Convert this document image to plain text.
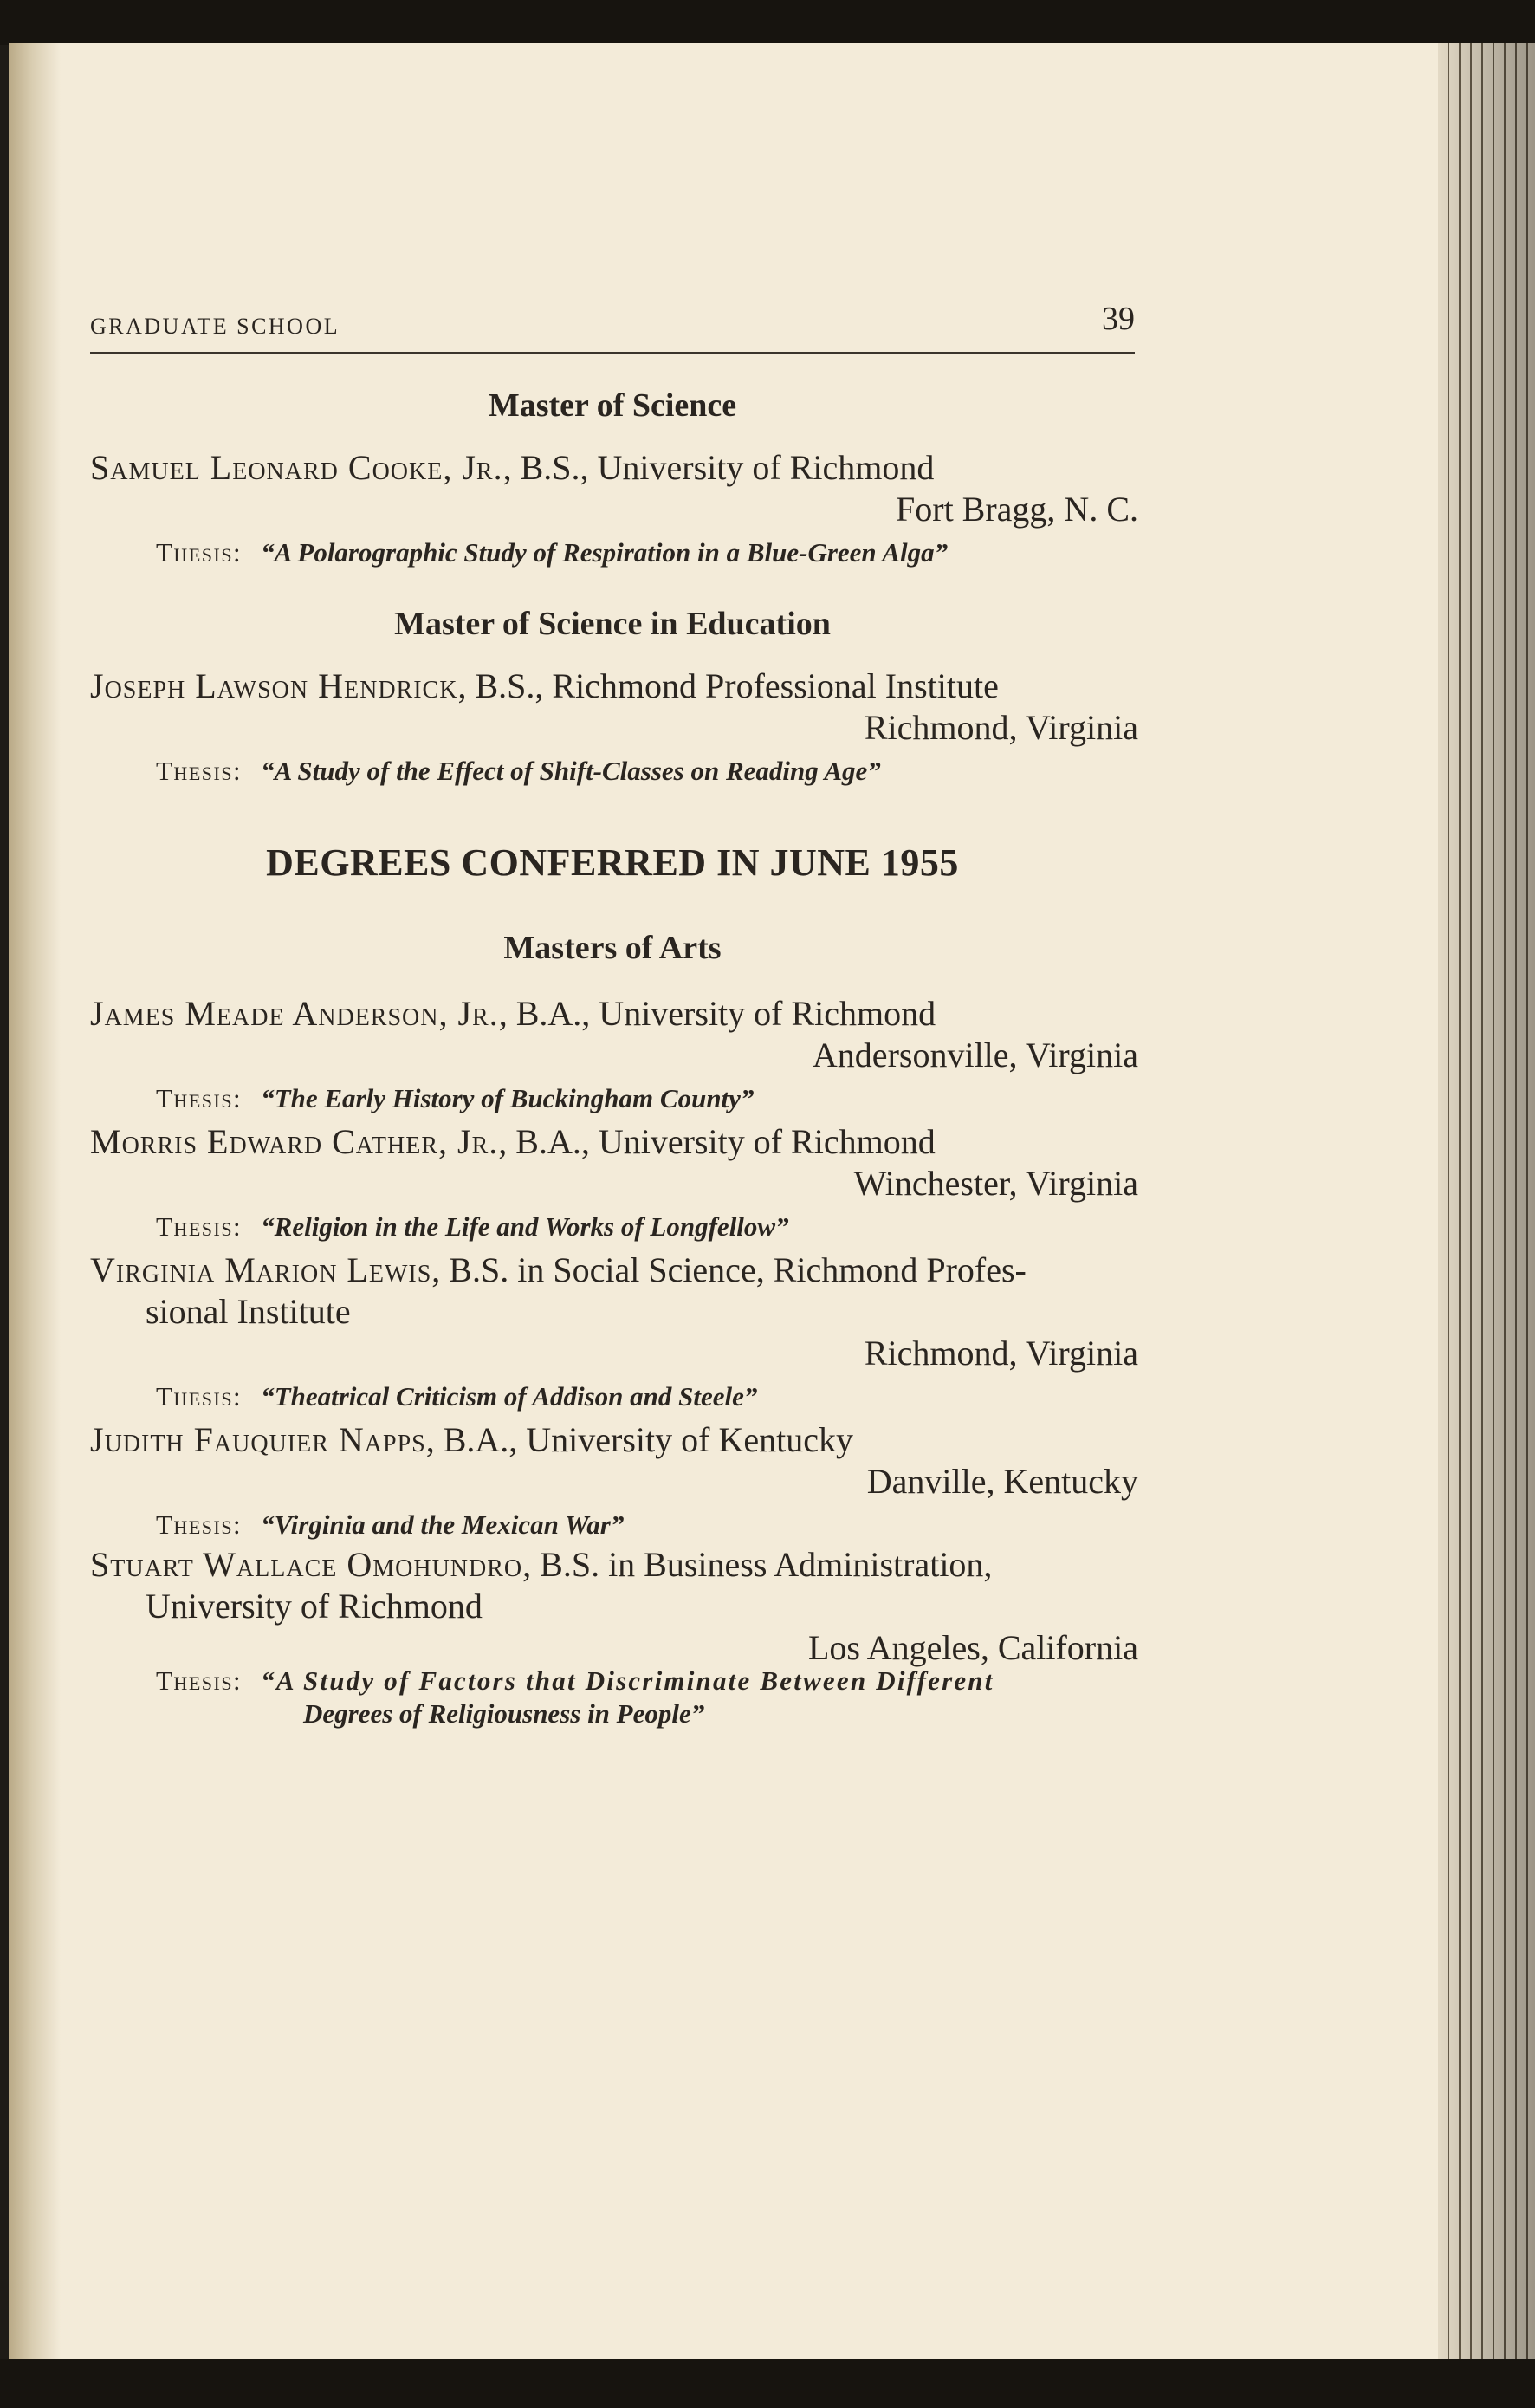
GRADUATE SCHOOL	39
Master of Science
Samuel Leonard Cooke, Jr., B.S., University of Richmond
Fort Bragg, N. C.
Thesis: “A Polarographic Study of Respiration in a Blue-Green Alga”
Master of Science in Education
Joseph Lawson Hendrick, B.S., Richmond Professional Institute
Richmond, Virginia
Thesis: “A Study of the Effect of Shift-Classes on Reading Age”
DEGREES CONFERRED IN JUNE 1955
Masters of Arts
James Meade Anderson, Jr., B.A., University of Richmond
Andersonville, Virginia
Thesis: “The Early History of Buckingham County”
Morris Edward Cather, Jr., B.A., University of Richmond
Winchester, Virginia
Thesis: “Religion in the Life and Works of Longfellow”
Virginia Marion Lewis, B.S. in Social Science, Richmond Profes-
sional Institute
Richmond, Virginia
Thesis: “Theatrical Criticism of Addison and Steele”
Judith Fauquier Napps, B.A., University of Kentucky
Danville, Kentucky
Thesis: “Virginia and the Mexican War”
Stuart Wallace Omohundro, B.S. in Business Administration,
University of Richmond
Los Angeles, California
Thesis: “A Study of Factors that Discriminate Between Different
Degrees of Religiousness in People”
